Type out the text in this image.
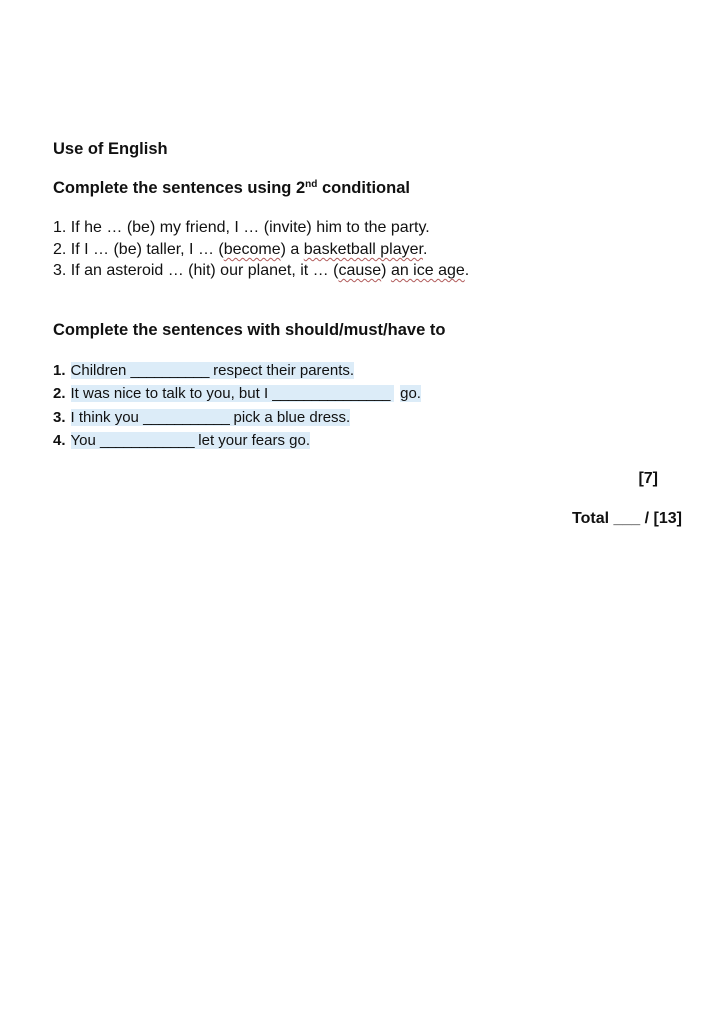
Use of English
Complete the sentences using 2nd conditional
1. If he … (be) my friend, I … (invite) him to the party.
2. If I … (be) taller, I … (become) a basketball player.
3. If an asteroid … (hit) our planet, it … (cause) an ice age.
Complete the sentences with should/must/have to
1. Children __________ respect their parents.
2. It was nice to talk to you, but I _______________ go.
3. I think you ___________ pick a blue dress.
4. You ____________ let your fears go.
[7]
Total ___ / [13]
